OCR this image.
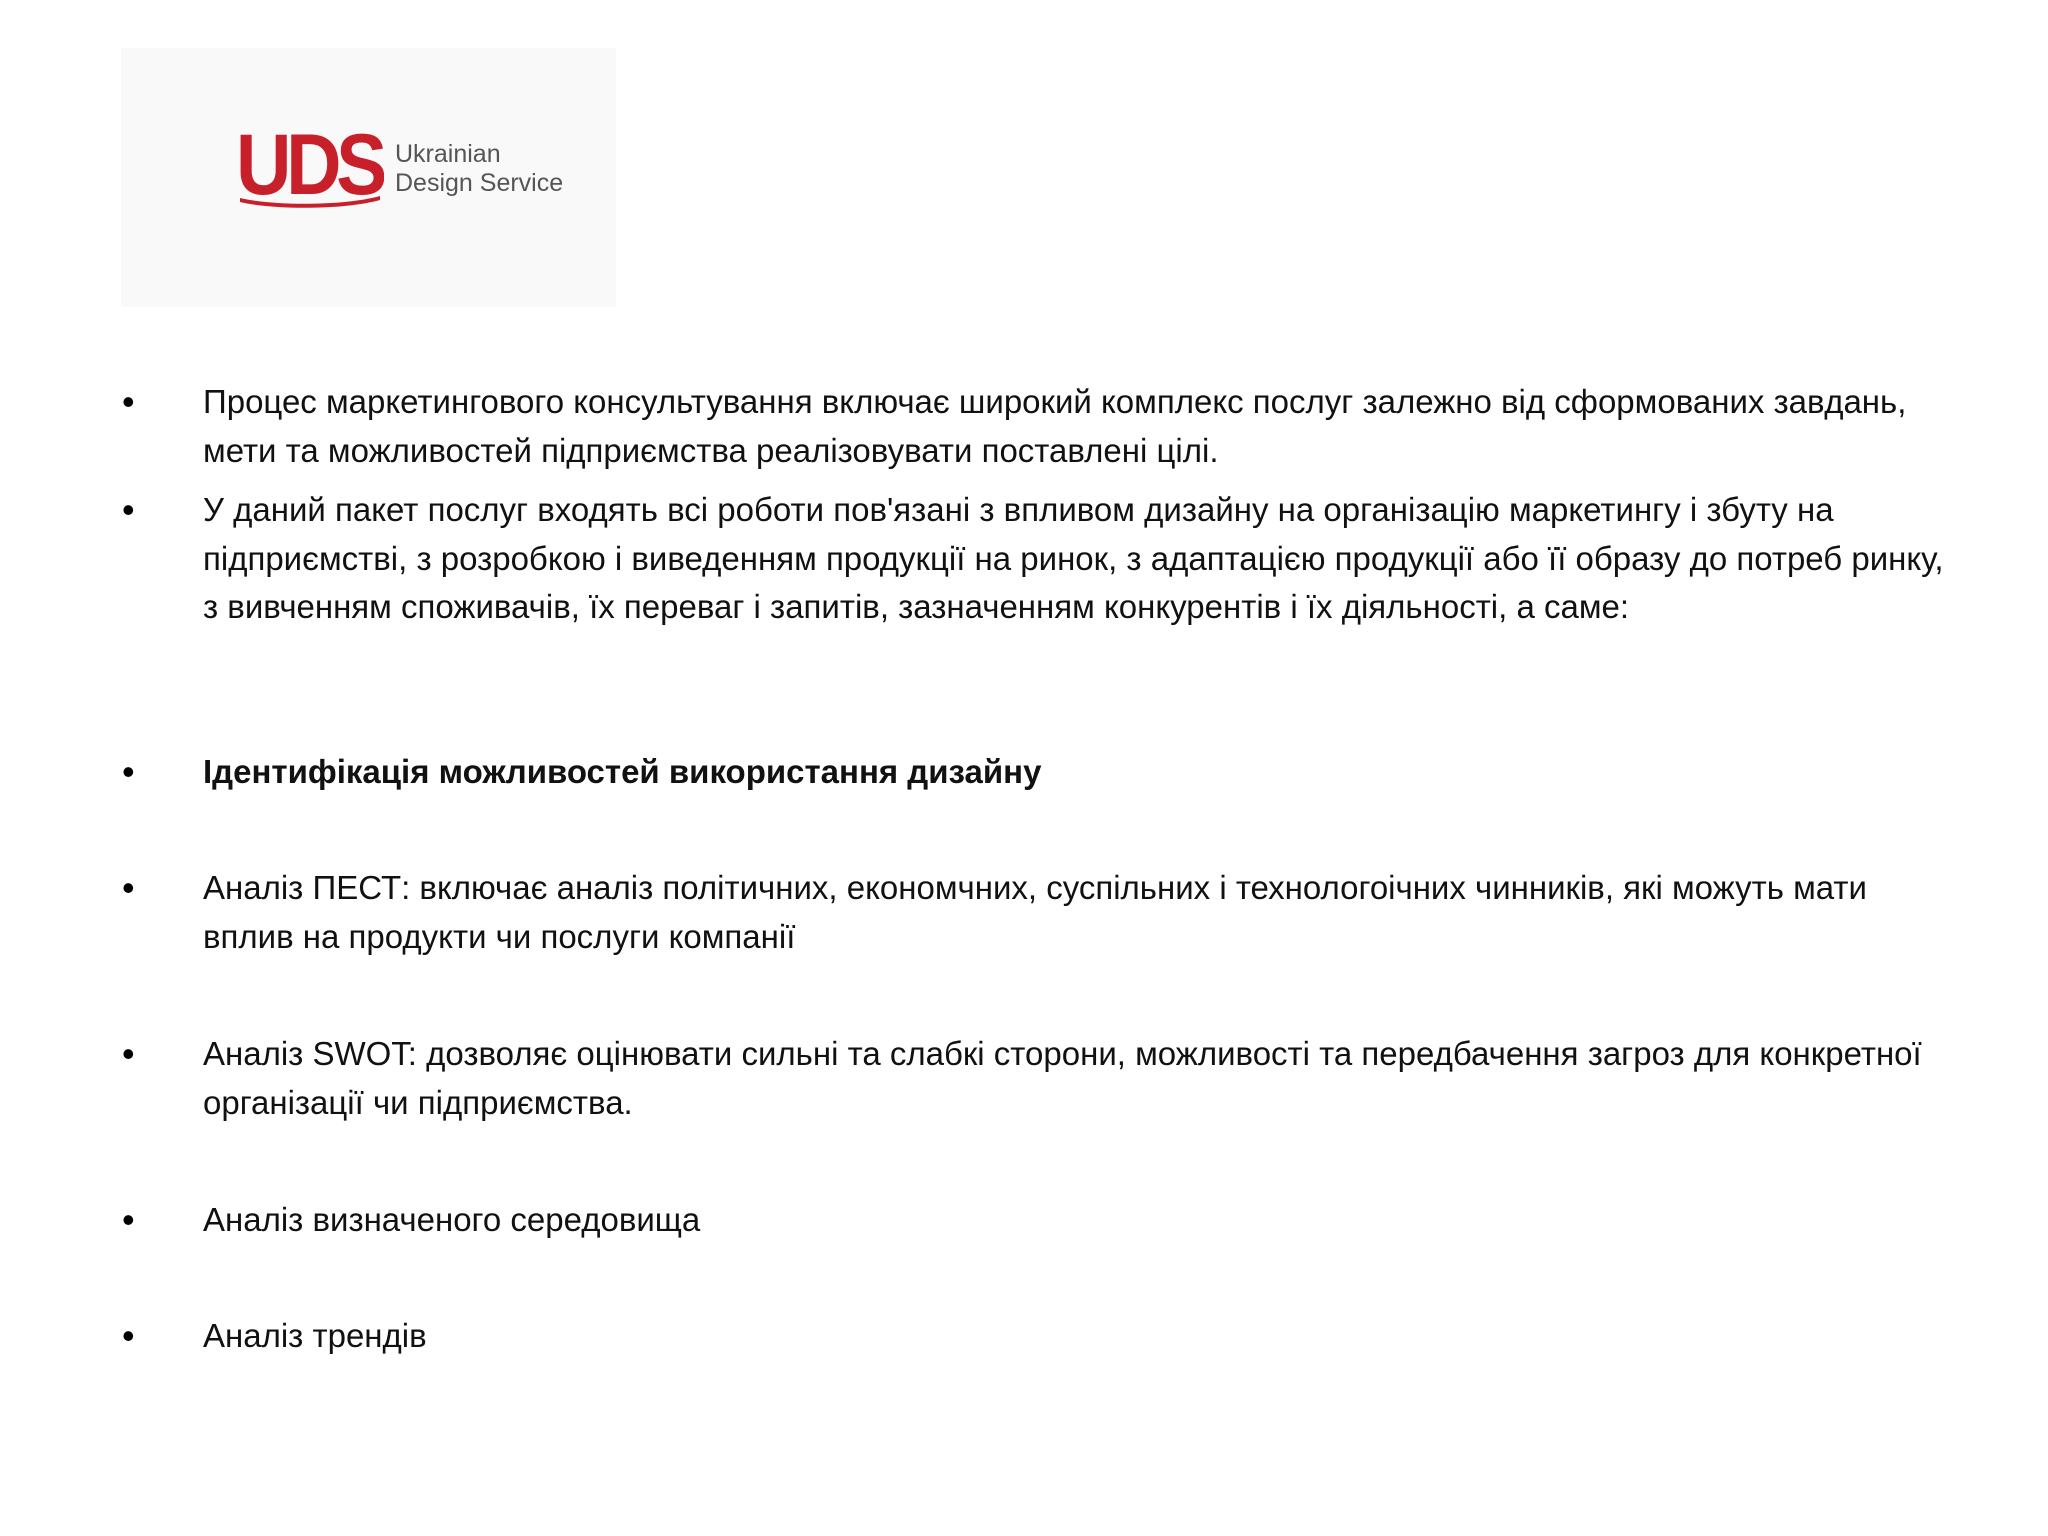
UDS Ukrainian
Design Service
•	Процес маркетингового консультування включає широкий комплекс послуг залежно від сформованих завдань, мети та можливостей підприємства реалізовувати поставлені цілі.
•	У даний пакет послуг входять всі роботи пов'язані з впливом дизайну на організацію маркетингу і збуту на підприємстві, з розробкою і виведенням продукції на ринок, з адаптацією продукції або її образу до потреб ринку, з вивченням споживачів, їх переваг і запитів, зазначенням конкурентів і їх діяльності, а саме:
•	Ідентифікація можливостей використання дизайну
•	Аналіз ПЕСТ: включає аналіз політичних, економчних, суспільних і технологоічних чинників, які можуть мати вплив на продукти чи послуги компанії
•	Аналіз SWOT: дозволяє оцінювати сильні та слабкі сторони, можливості та передбачення загроз для конкретної організації чи підприємства.
•	Аналіз визначеного середовища
•	Аналіз трендів
